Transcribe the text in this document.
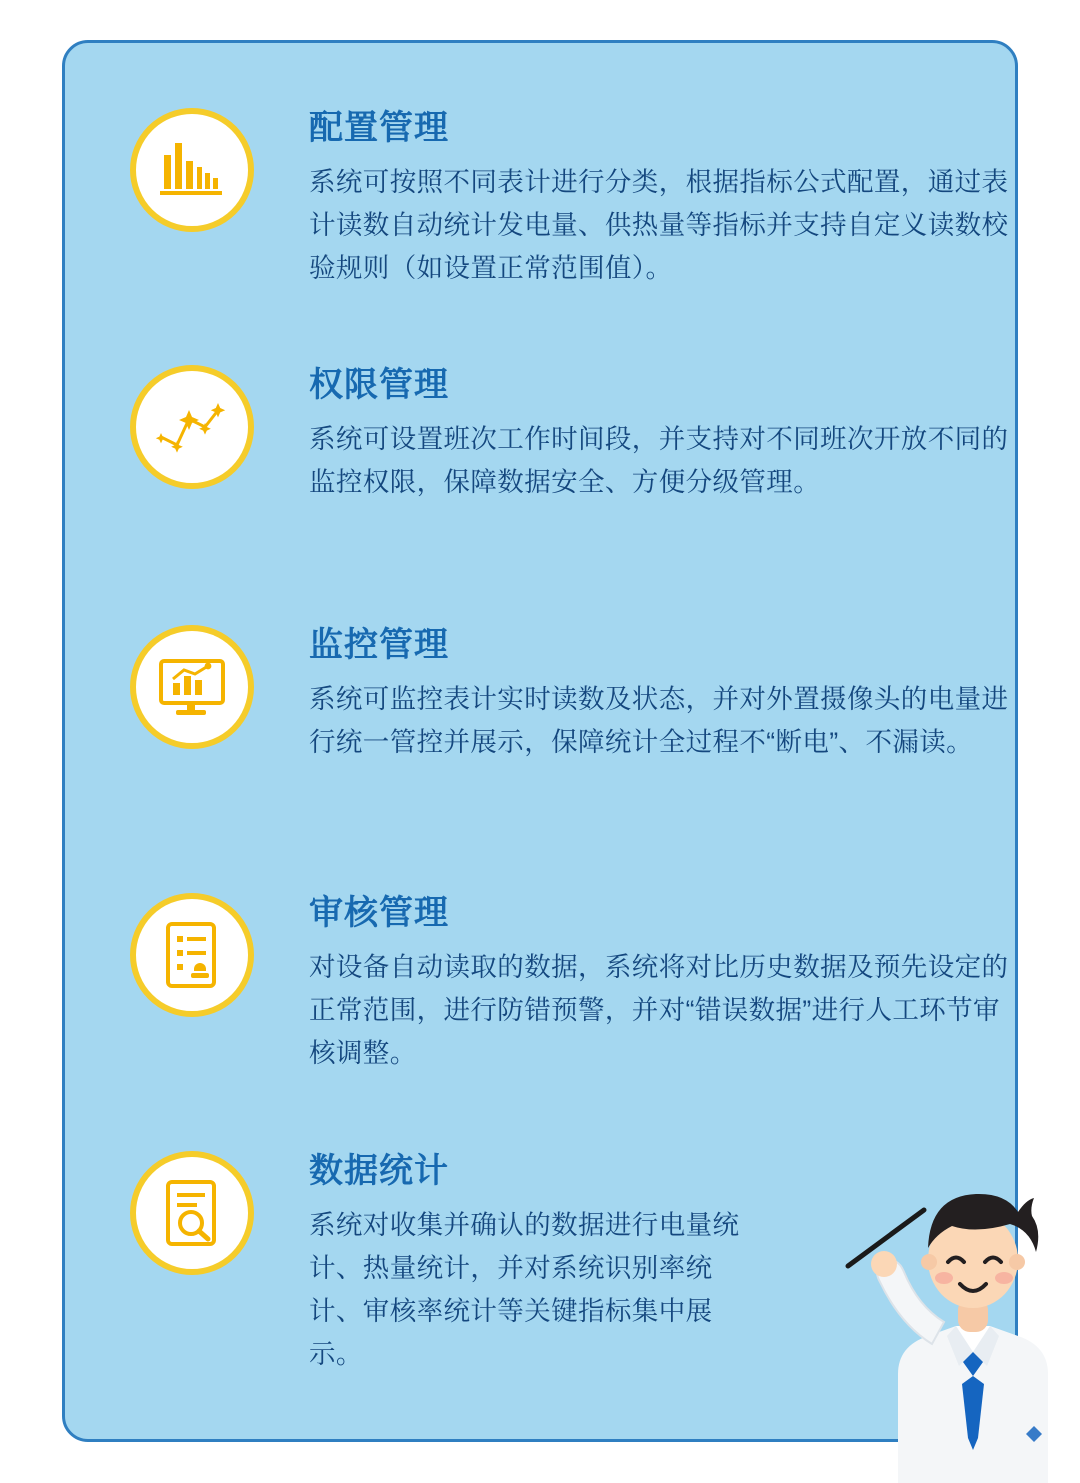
配置管理

系统可按照不同表计进行分类，根据指标公式配置，通过表计读数自动统计发电量、供热量等指标并支持自定义读数校验规则（如设置正常范围值）。

权限管理

系统可设置班次工作时间段，并支持对不同班次开放不同的监控权限，保障数据安全、方便分级管理。

监控管理

系统可监控表计实时读数及状态，并对外置摄像头的电量进行统一管控并展示，保障统计全过程不“断电”、不漏读。

审核管理

对设备自动读取的数据，系统将对比历史数据及预先设定的正常范围，进行防错预警，并对“错误数据”进行人工环节审核调整。

数据统计

系统对收集并确认的数据进行电量统计、热量统计，并对系统识别率统计、审核率统计等关键指标集中展示。
